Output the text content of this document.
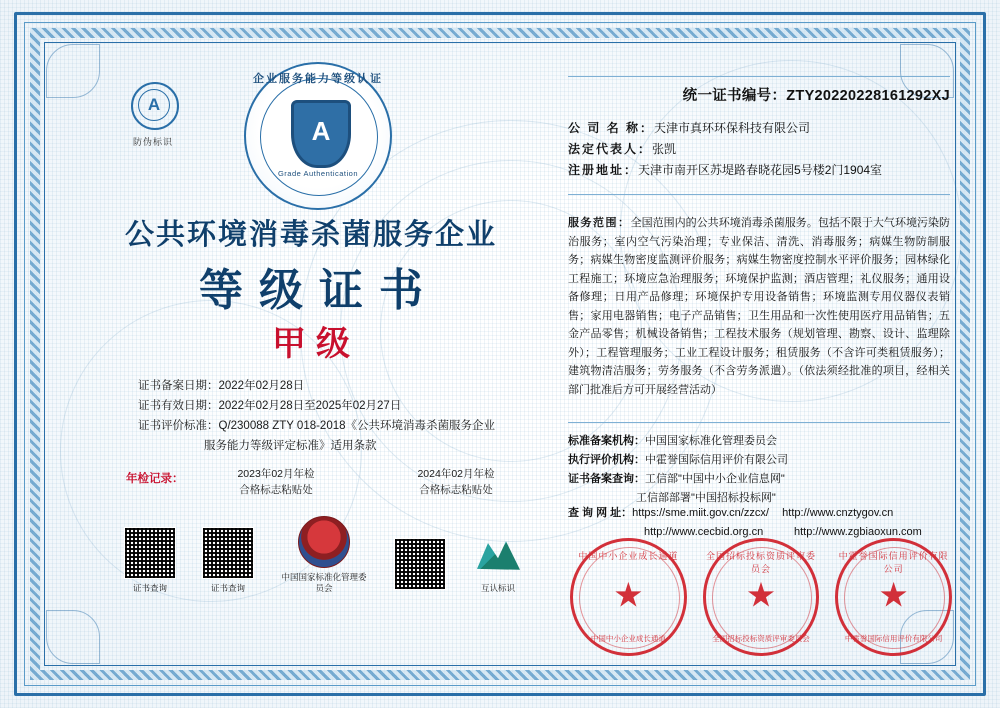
A
防伪标识
企业服务能力等级认证
A
Grade Authentication
公共环境消毒杀菌服务企业
等级证书
甲级
证书备案日期：2022年02月28日
证书有效日期：2022年02月28日至2025年02月27日
证书评价标准：Q/230088 ZTY 018-2018《公共环境消毒杀菌服务企业
服务能力等级评定标准》适用条款
年检记录：	2023年02月年检
合格标志粘贴处
2024年02月年检
合格标志粘贴处
证书查询	证书查询
中国国家标准化管理委员会	互认标识
统一证书编号：ZTY20220228161292XJ
公 司 名 称：天津市真环环保科技有限公司
法定代表人：张凯
注册地址：天津市南开区苏堤路春晓花园5号楼2门1904室
服务范围：全国范围内的公共环境消毒杀菌服务。包括不限于大气环境污染防治服务；室内空气污染治理；专业保洁、清洗、消毒服务；病媒生物防制服务；病媒生物密度监测评价服务；病媒生物密度控制水平评价服务；园林绿化工程施工；环境应急治理服务；环境保护监测；酒店管理；礼仪服务；通用设备修理；日用产品修理；环境保护专用设备销售；环境监测专用仪器仪表销售；家用电器销售；电子产品销售；卫生用品和一次性使用医疗用品销售；五金产品零售；机械设备销售；工程技术服务（规划管理、勘察、设计、监理除外）；工程管理服务；工业工程设计服务；租赁服务（不含许可类租赁服务）；建筑物清洁服务；劳务服务（不含劳务派遣）。（依法须经批准的项目，经相关部门批准后方可开展经营活动）
标准备案机构：中国国家标准化管理委员会
执行评价机构：中霍誉国际信用评价有限公司
证书备案查询：工信部"中国中小企业信息网"
工信部部署"中国招标投标网"
查 询 网 址：https://sme.miit.gov.cn/zzcx/ http://www.cnztygov.cn
http://www.cecbid.org.cn	http://www.zgbiaoxun.com
中国中小企业成长通道
★
中国中小企业成长通道
全国招标投标资质评审委员会
★
全国招标投标资质评审委员会
中霍誉国际信用评价有限公司
★
中霍誉国际信用评价有限公司
